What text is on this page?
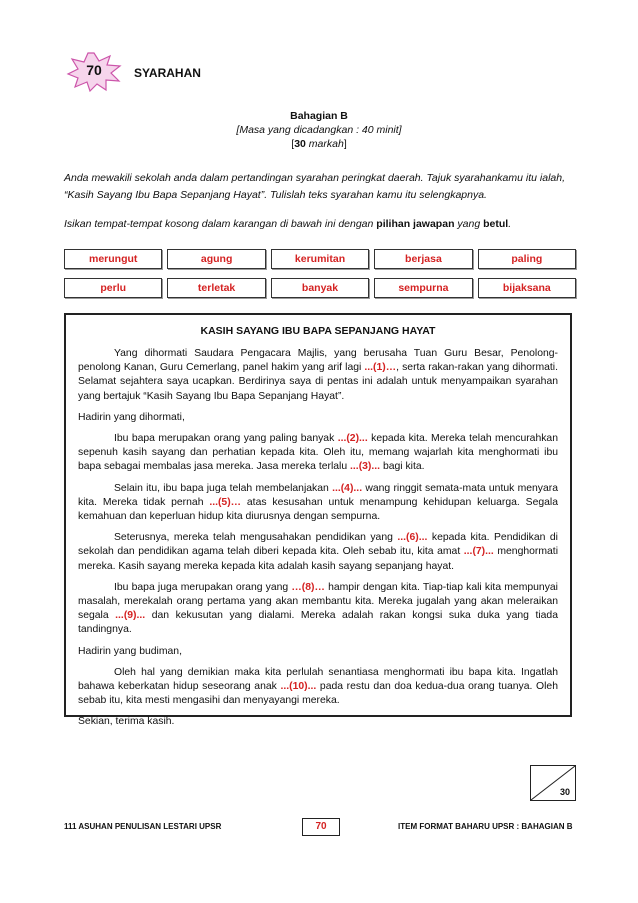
70	SYARAHAN
Bahagian B
[Masa yang dicadangkan : 40 minit]
[30 markah]
Anda mewakili sekolah anda dalam pertandingan syarahan peringkat daerah. Tajuk syarahankamu itu ialah, “Kasih Sayang Ibu Bapa Sepanjang Hayat”. Tulislah teks syarahan kamu itu selengkapnya.
Isikan tempat-tempat kosong dalam karangan di bawah ini dengan pilihan jawapan yang betul.
merungut	agung	kerumitan	berjasa	paling
perlu	terletak	banyak	sempurna	bijaksana
KASIH SAYANG IBU BAPA SEPANJANG HAYAT

Yang dihormati Saudara Pengacara Majlis, yang berusaha Tuan Guru Besar, Penolong-penolong Kanan, Guru Cemerlang, panel hakim yang arif lagi ...(1)…, serta rakan-rakan yang dihormati. Selamat sejahtera saya ucapkan. Berdirinya saya di pentas ini adalah untuk menyampaikan syarahan yang bertajuk “Kasih Sayang Ibu Bapa Sepanjang Hayat”.

Hadirin yang dihormati,

Ibu bapa merupakan orang yang paling banyak ...(2)... kepada kita. Mereka telah mencurahkan sepenuh kasih sayang dan perhatian kepada kita. Oleh itu, memang wajarlah kita menghormati ibu bapa sebagai membalas jasa mereka. Jasa mereka terlalu ...(3)... bagi kita.

Selain itu, ibu bapa juga telah membelanjakan ...(4)... wang ringgit semata-mata untuk menyara kita. Mereka tidak pernah ...(5)… atas kesusahan untuk menampung kehidupan keluarga. Segala kemahuan dan keperluan hidup kita diurusnya dengan sempurna.

Seterusnya, mereka telah mengusahakan pendidikan yang ...(6)... kepada kita. Pendidikan di sekolah dan pendidikan agama telah diberi kepada kita. Oleh sebab itu, kita amat ...(7)... menghormati mereka. Kasih sayang mereka kepada kita adalah kasih sayang sepanjang hayat.

Ibu bapa juga merupakan orang yang …(8)… hampir dengan kita. Tiap-tiap kali kita mempunyai masalah, merekalah orang pertama yang akan membantu kita. Mereka jugalah yang akan meleraikan segala ...(9)... dan kekusutan yang dialami. Mereka adalah rakan kongsi suka duka yang tiada tandingnya.

Hadirin yang budiman,

Oleh hal yang demikian maka kita perlulah senantiasa menghormati ibu bapa kita. Ingatlah bahawa keberkatan hidup seseorang anak ...(10)... pada restu dan doa kedua-dua orang tuanya. Oleh sebab itu, kita mesti mengasihi dan menyayangi mereka.

Sekian, terima kasih.

30
111 ASUHAN PENULISAN LESTARI UPSR	70	ITEM FORMAT BAHARU UPSR : BAHAGIAN B
